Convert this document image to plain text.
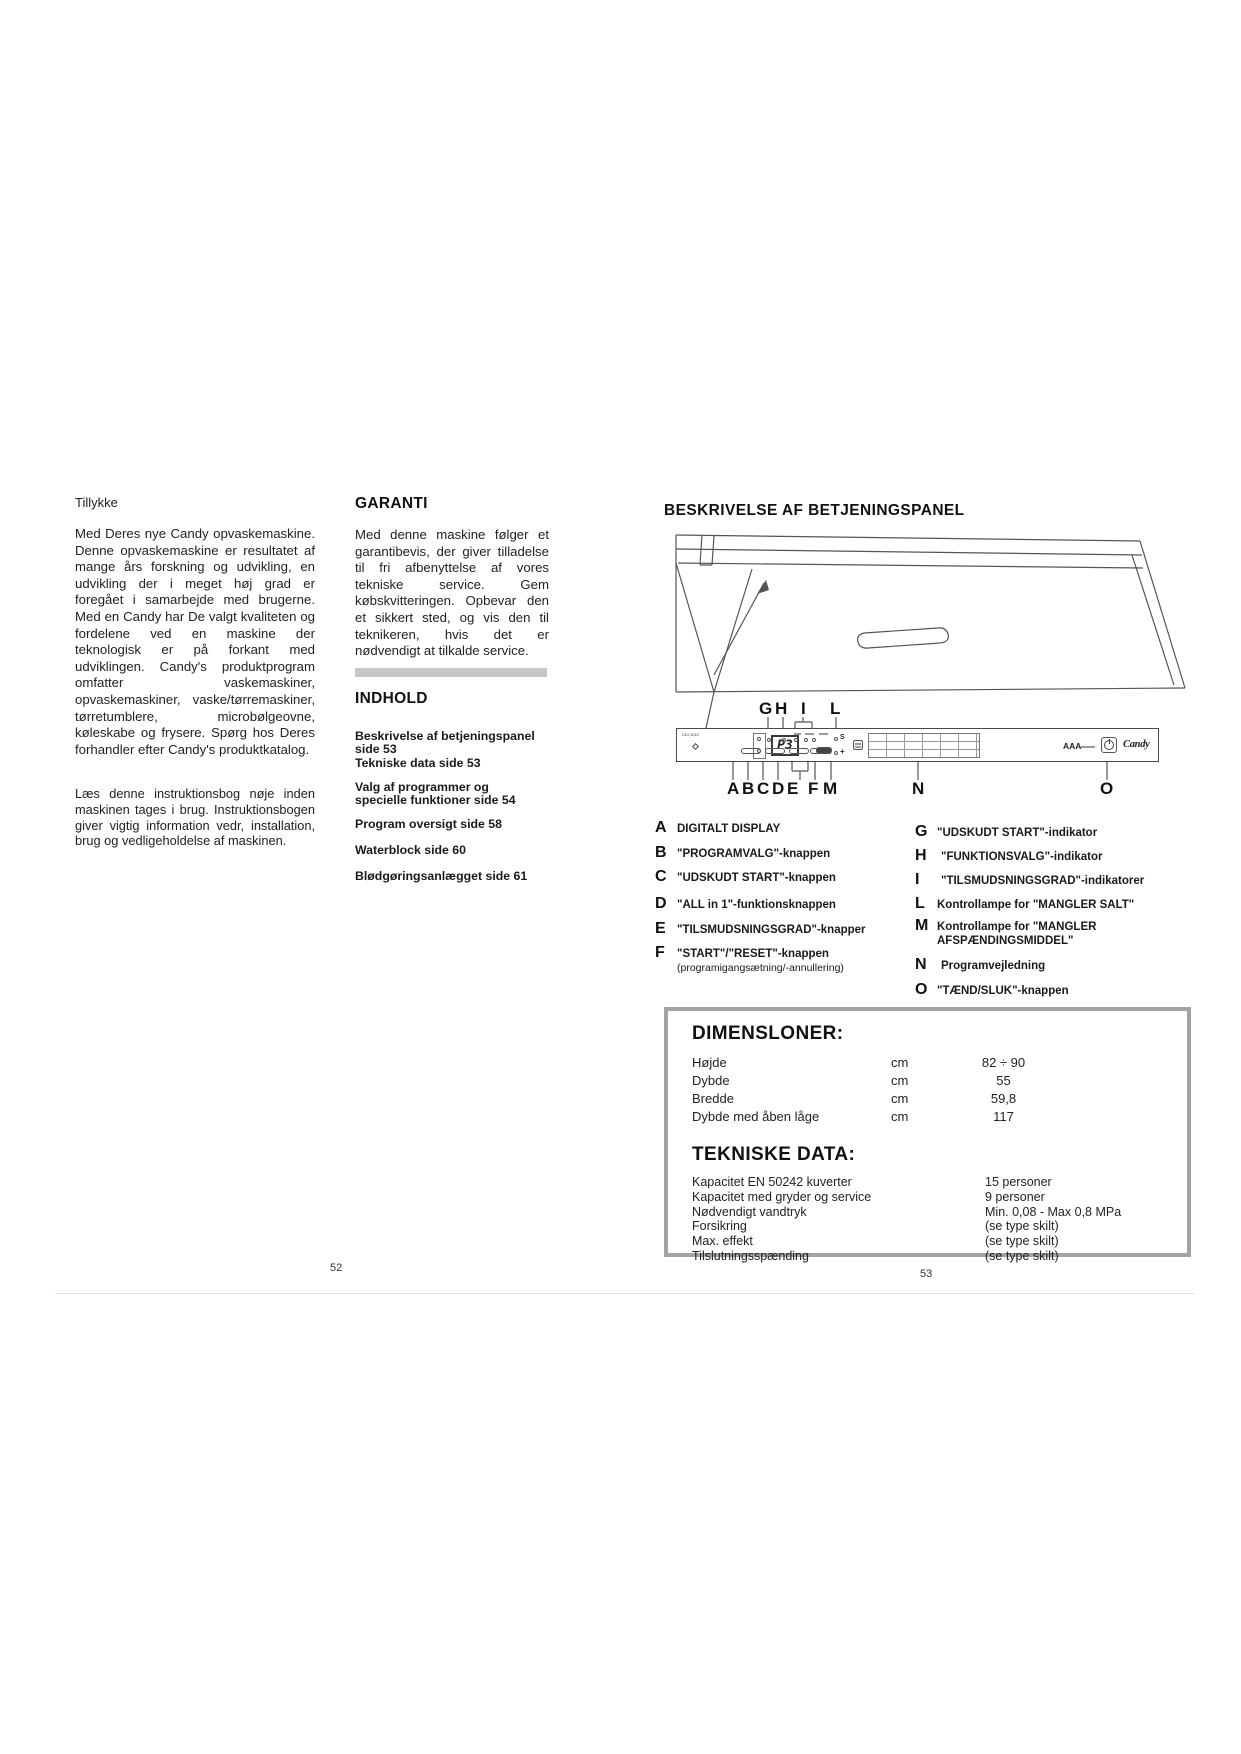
Tillykke

Med Deres nye Candy opvaskemaskine. Denne opvaskemaskine er resultatet af mange års forskning og udvikling, en udvikling der i meget høj grad er foregået i samarbejde med brugerne. Med en Candy har De valgt kvaliteten og fordelene ved en maskine der teknologisk er på forkant med udviklingen. Candy's produktprogram omfatter vaskemaskiner, opvaskemaskiner, vaske/tørremaskiner, tørretumblere, microbølgeovne, køleskabe og frysere. Spørg hos Deres forhandler efter Candy's produktkatalog.

Læs denne instruktionsbog nøje inden maskinen tages i brug. Instruktionsbogen giver vigtig information vedr, installation, brug og vedligeholdelse af maskinen.

GARANTI

Med denne maskine følger et garantibevis, der giver tilladelse til fri afbenyttelse af vores tekniske service. Gem købskvitteringen. Opbevar den et sikkert sted, og vis den til teknikeren, hvis det er nødvendigt at tilkalde service.

INDHOLD

Beskrivelse af betjeningspanel side 53
Tekniske data side 53
Valg af programmer og
specielle funktioner side 54
Program oversigt side 58
Waterblock side 60
Blødgøringsanlægget side 61
BESKRIVELSE AF BETJENINGSPANEL
G H I L
CDI 1010
P3
S
+
AAA	Candy
A B C D E F M	N	O
A DIGITALT DISPLAY
B "PROGRAMVALG"-knappen
C "UDSKUDT START"-knappen
D "ALL in 1"-funktionsknappen
E "TILSMUDSNINGSGRAD"-knapper
F	"START"/"RESET"-knappen
(programigangsætning/-annullering)
G "UDSKUDT START"-indikator
H	"FUNKTIONSVALG"-indikator
I	"TILSMUDSNINGSGRAD"-indikatorer
L	Kontrollampe for "MANGLER SALT"
M Kontrollampe for "MANGLER
AFSPÆNDINGSMIDDEL"
N	Programvejledning
O "TÆND/SLUK"-knappen

DIMENSLONER:

Højde	cm	82 ÷ 90
Dybde	cm	55
Bredde	cm	59,8
Dybde med åben låge	cm	117

TEKNISKE DATA:

Kapacitet EN 50242 kuverter	15 personer
Kapacitet med gryder og service	9 personer
Nødvendigt vandtryk	Min. 0,08 - Max 0,8 MPa
Forsikring	(se type skilt)
Max. effekt	(se type skilt)
Tilslutningsspænding	(se type skilt)
52	53
